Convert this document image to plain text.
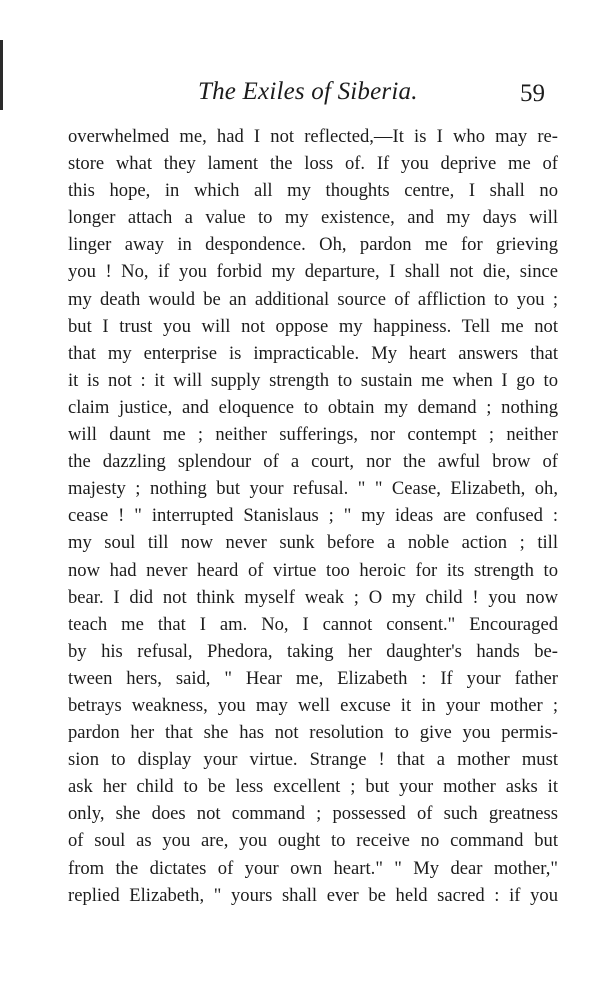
The Exiles of Siberia.	59
overwhelmed me, had I not reflected,—It is I who may re-
store what they lament the loss of. If you deprive me of
this hope, in which all my thoughts centre, I shall no
longer attach a value to my existence, and my days will
linger away in despondence. Oh, pardon me for grieving
you ! No, if you forbid my departure, I shall not die, since
my death would be an additional source of affliction to you ;
but I trust you will not oppose my happiness. Tell me not
that my enterprise is impracticable. My heart answers that
it is not : it will supply strength to sustain me when I go to
claim justice, and eloquence to obtain my demand ; nothing
will daunt me ; neither sufferings, nor contempt ; neither
the dazzling splendour of a court, nor the awful brow of
majesty ; nothing but your refusal. " " Cease, Elizabeth, oh,
cease ! " interrupted Stanislaus ; " my ideas are confused :
my soul till now never sunk before a noble action ; till
now had never heard of virtue too heroic for its strength to
bear. I did not think myself weak ; O my child ! you now
teach me that I am. No, I cannot consent." Encouraged
by his refusal, Phedora, taking her daughter's hands be-
tween hers, said, " Hear me, Elizabeth : If your father
betrays weakness, you may well excuse it in your mother ;
pardon her that she has not resolution to give you permis-
sion to display your virtue. Strange ! that a mother must
ask her child to be less excellent ; but your mother asks it
only, she does not command ; possessed of such greatness
of soul as you are, you ought to receive no command but
from the dictates of your own heart." " My dear mother,"
replied Elizabeth, " yours shall ever be held sacred : if you
